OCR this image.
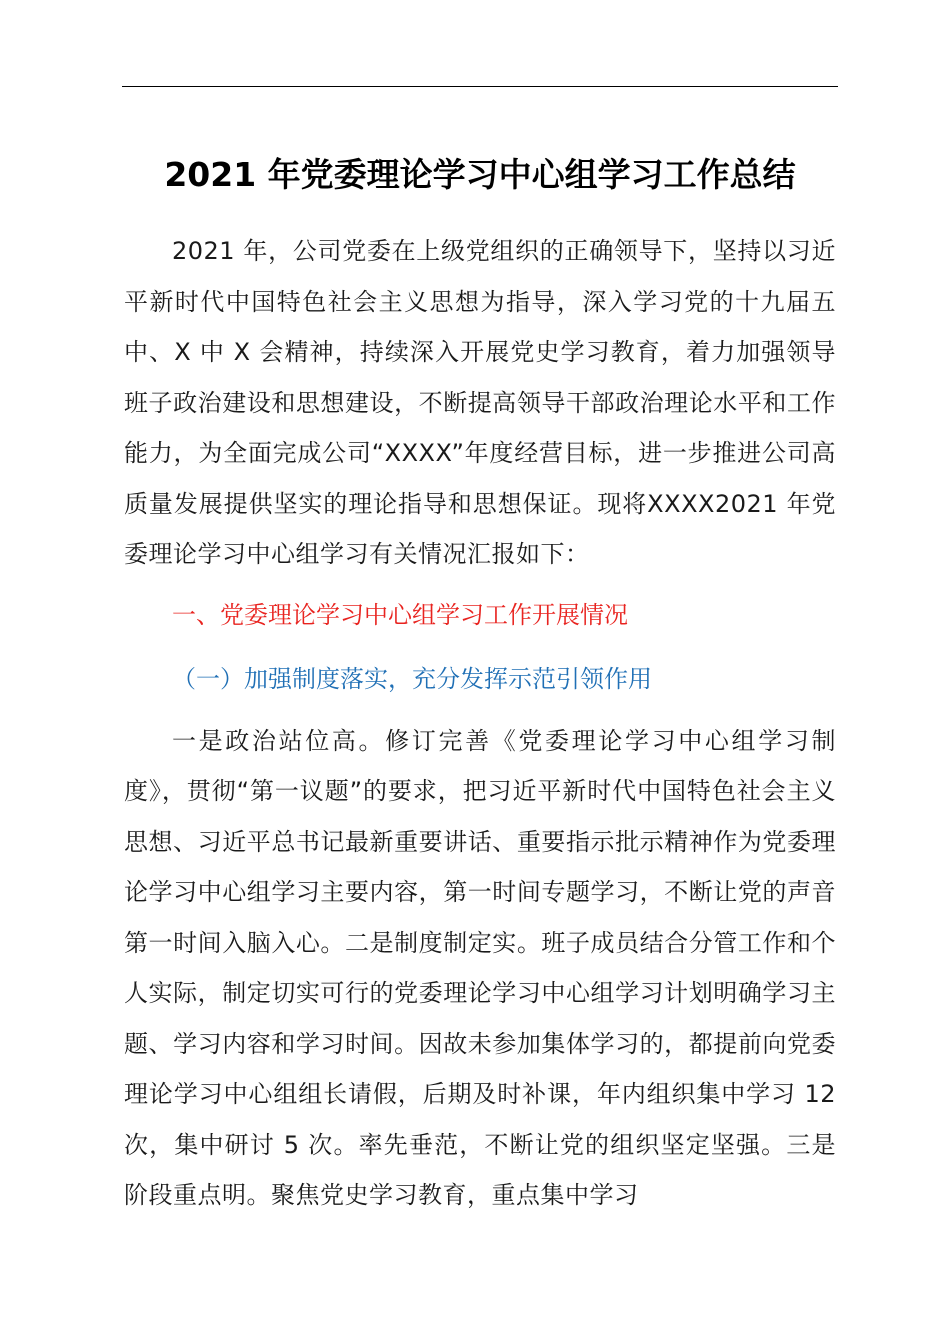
2021 年党委理论学习中心组学习工作总结

2021 年，公司党委在上级党组织的正确领导下，坚持以习近平新时代中国特色社会主义思想为指导，深入学习党的十九届五中、X 中 X 会精神，持续深入开展党史学习教育，着力加强领导班子政治建设和思想建设，不断提高领导干部政治理论水平和工作能力，为全面完成公司“XXXX”年度经营目标，进一步推进公司高质量发展提供坚实的理论指导和思想保证。现将XXXX2021 年党委理论学习中心组学习有关情况汇报如下：

一、党委理论学习中心组学习工作开展情况

（一）加强制度落实，充分发挥示范引领作用

一是政治站位高。修订完善《党委理论学习中心组学习制度》，贯彻“第一议题”的要求，把习近平新时代中国特色社会主义思想、习近平总书记最新重要讲话、重要指示批示精神作为党委理论学习中心组学习主要内容，第一时间专题学习，不断让党的声音第一时间入脑入心。二是制度制定实。班子成员结合分管工作和个人实际，制定切实可行的党委理论学习中心组学习计划明确学习主题、学习内容和学习时间。因故未参加集体学习的，都提前向党委理论学习中心组组长请假，后期及时补课，年内组织集中学习 12 次，集中研讨 5 次。率先垂范，不断让党的组织坚定坚强。三是阶段重点明。聚焦党史学习教育，重点集中学习
